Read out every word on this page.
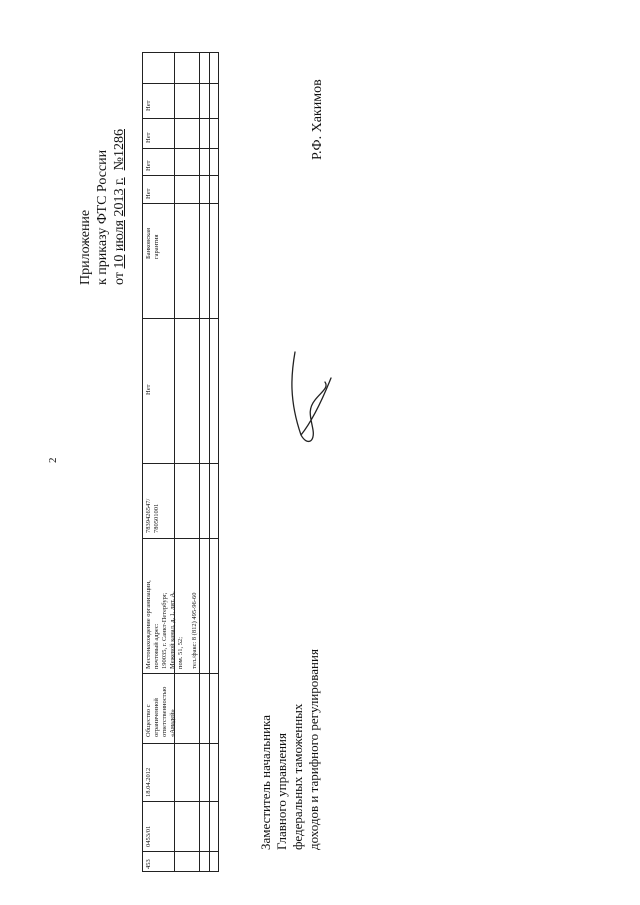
2
Приложение к приказу ФТС России от 10 июля 2013 г.  №1286
Нет
Нет
Нет
Нет
Банковская гарантия
Нет
7839426547/ 780501001
Местонахождение организации, почтовый адрес: 190035, г. Санкт-Петербург, Межевой канал, д. 1, лит. А, пом. 51, 52;
тел./факс: 8 (812) 495-96-60
Общество с ограниченной ответственностью «Амадей»
18.04.2012
0453/01
453
Заместитель начальника Главного управления федеральных таможенных доходов и тарифного регулирования
Р.Ф. Хакимов
